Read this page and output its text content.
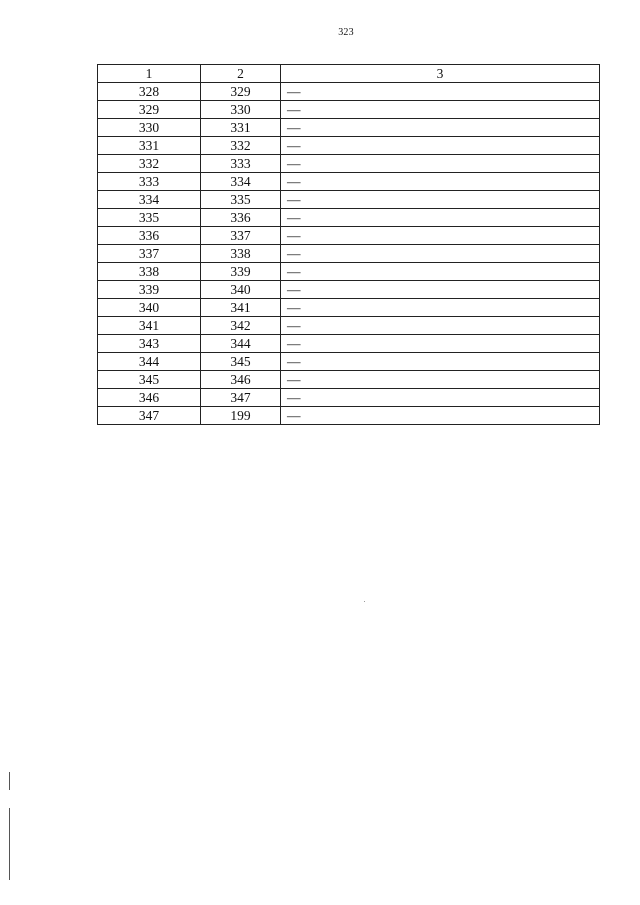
323
1	2	3
328	329	—
329	330	—
330	331	—
331	332	—
332	333	—
333	334	—
334	335	—
335	336	—
336	337	—
337	338	—
338	339	—
339	340	—
340	341	—
341	342	—
343	344	—
344	345	—
345	346	—
346	347	—
347	199	—
